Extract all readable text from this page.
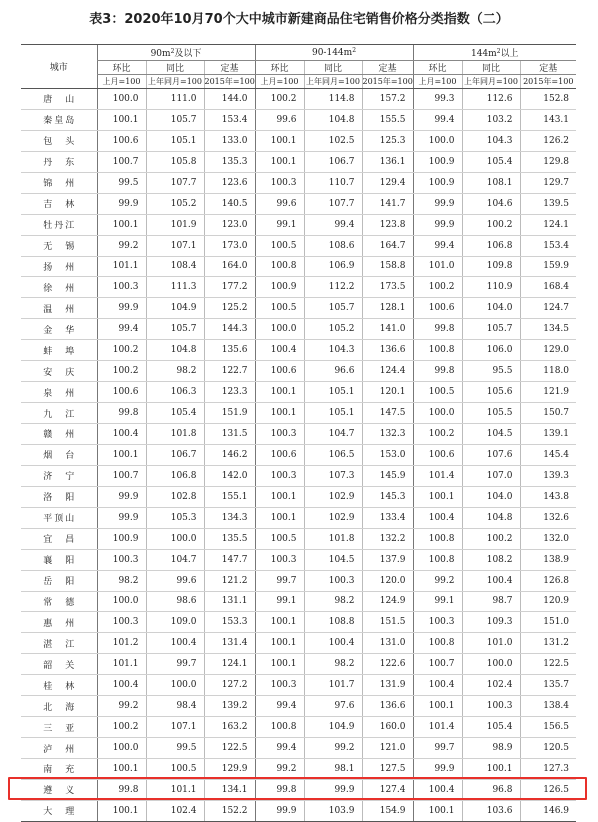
表3：2020年10月70个大中城市新建商品住宅销售价格分类指数（二）
城市	$90m^2$及以下			$90-144m^2$			$144m^2$以上		
	环比	同比	定基	环比	同比	定基	环比	同比	定基
	上月=100	上年同月=100	2015年=100	上月=100	上年同月=100	2015年=100	上月=100	上年同月=100	2015年=100
唐　山	100.0	111.0	144.0	100.2	114.8	157.2	99.3	112.6	152.8
秦皇岛	100.1	105.7	153.4	99.6	104.8	155.5	99.4	103.2	143.1
包　头	100.6	105.1	133.0	100.1	102.5	125.3	100.0	104.3	126.2
丹　东	100.7	105.8	135.3	100.1	106.7	136.1	100.9	105.4	129.8
锦　州	99.5	107.7	123.6	100.3	110.7	129.4	100.9	108.1	129.7
吉　林	99.9	105.2	140.5	99.6	107.7	141.7	99.9	104.6	139.5
牡丹江	100.1	101.9	123.0	99.1	99.4	123.8	99.9	100.2	124.1
无　锡	99.2	107.1	173.0	100.5	108.6	164.7	99.4	106.8	153.4
扬　州	101.1	108.4	164.0	100.8	106.9	158.8	101.0	109.8	159.9
徐　州	100.3	111.3	177.2	100.9	112.2	173.5	100.2	110.9	168.4
温　州	99.9	104.9	125.2	100.5	105.7	128.1	100.6	104.0	124.7
金　华	99.4	105.7	144.3	100.0	105.2	141.0	99.8	105.7	134.5
蚌　埠	100.2	104.8	135.6	100.4	104.3	136.6	100.8	106.0	129.0
安　庆	100.2	98.2	122.7	100.6	96.6	124.4	99.8	95.5	118.0
泉　州	100.6	106.3	123.3	100.1	105.1	120.1	100.5	105.6	121.9
九　江	99.8	105.4	151.9	100.1	105.1	147.5	100.0	105.5	150.7
赣　州	100.4	101.8	131.5	100.3	104.7	132.3	100.2	104.5	139.1
烟　台	100.1	106.7	146.2	100.6	106.5	153.0	100.6	107.6	145.4
济　宁	100.7	106.8	142.0	100.3	107.3	145.9	101.4	107.0	139.3
洛　阳	99.9	102.8	155.1	100.1	102.9	145.3	100.1	104.0	143.8
平顶山	99.9	105.3	134.3	100.1	102.9	133.4	100.4	104.8	132.6
宜　昌	100.9	100.0	135.5	100.5	101.8	132.2	100.8	100.2	132.0
襄　阳	100.3	104.7	147.7	100.3	104.5	137.9	100.8	108.2	138.9
岳　阳	98.2	99.6	121.2	99.7	100.3	120.0	99.2	100.4	126.8
常　德	100.0	98.6	131.1	99.1	98.2	124.9	99.1	98.7	120.9
惠　州	100.3	109.0	153.3	100.1	108.8	151.5	100.3	109.3	151.0
湛　江	101.2	100.4	131.4	100.1	100.4	131.0	100.8	101.0	131.2
韶　关	101.1	99.7	124.1	100.1	98.2	122.6	100.7	100.0	122.5
桂　林	100.4	100.0	127.2	100.3	101.7	131.9	100.4	102.4	135.7
北　海	99.2	98.4	139.2	99.4	97.6	136.6	100.1	100.3	138.4
三　亚	100.2	107.1	163.2	100.8	104.9	160.0	101.4	105.4	156.5
泸　州	100.0	99.5	122.5	99.4	99.2	121.0	99.7	98.9	120.5
南　充	100.1	100.5	129.9	99.2	98.1	127.5	99.9	100.1	127.3
遵　义	99.8	101.1	134.1	99.8	99.9	127.4	100.4	96.8	126.5
大　理	100.1	102.4	152.2	99.9	103.9	154.9	100.1	103.6	146.9
